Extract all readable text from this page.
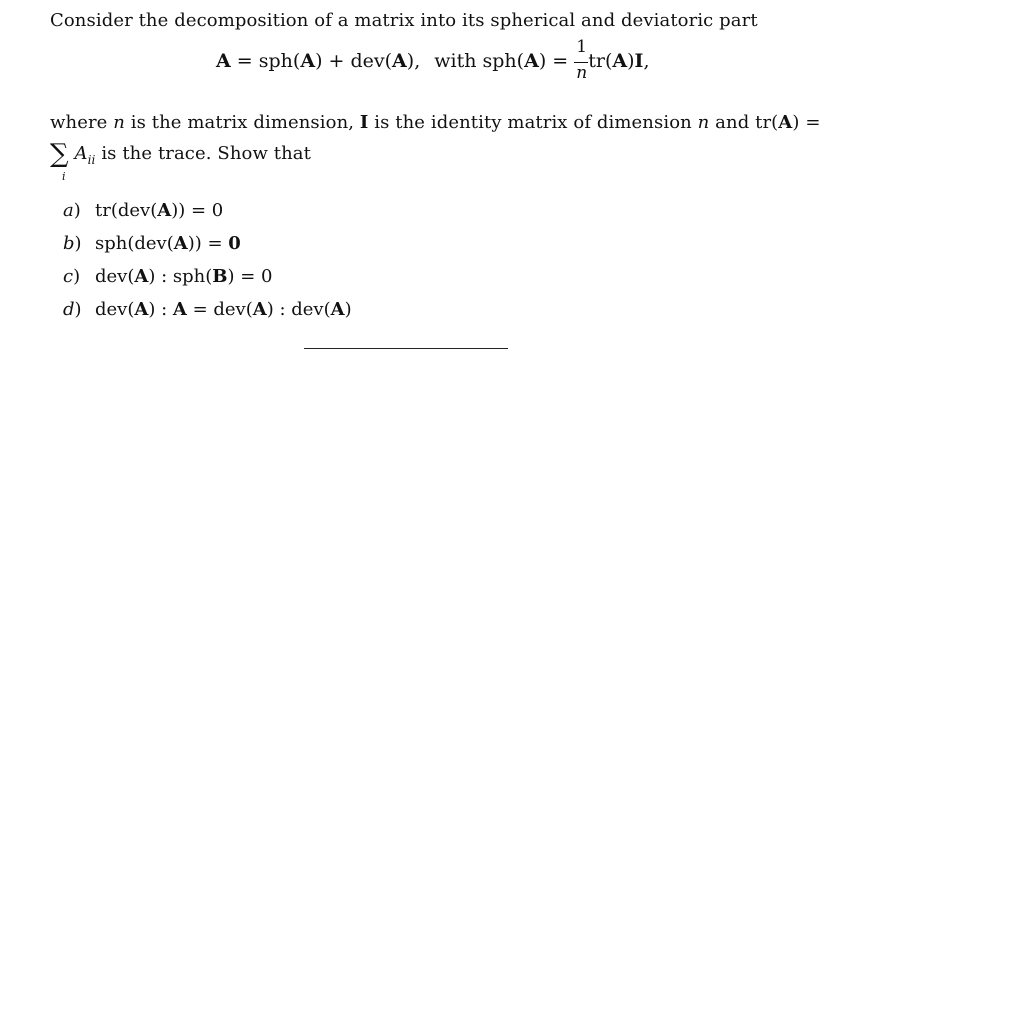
Consider the decomposition of a matrix into its spherical and deviatoric part
A = sph(A) + dev(A), with $sph(A) = \frac{1}{n} tr(A)I$,
where n is the matrix dimension, I is the identity matrix of dimension n and tr(A) =
∑ $A_{ii}$ is the trace. Show that
i
a) tr(dev(A)) = 0
b) sph(dev(A)) = 0
c) dev(A) : sph(B) = 0
d) dev(A) : A = dev(A) : dev(A)
